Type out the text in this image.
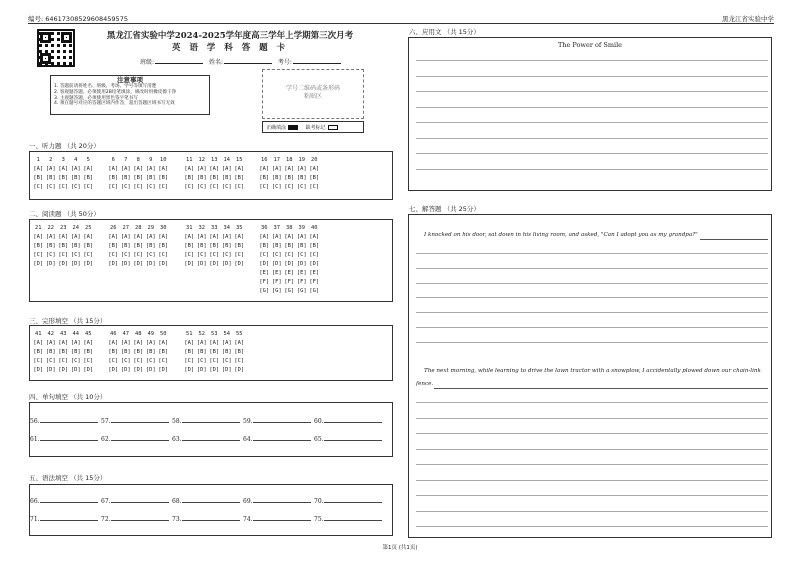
编号: 6461730852960845957​5	黑龙江省实验中学
黑龙江省实验中学2024-2025学年度高三学年上学期第三次月考
英 语 学 科 答 题 卡
班级:	姓名:	考号:
注意事项
1. 答题前请将姓名、班级、考场、学号等填写清楚
2. 客观题答题，必须使用2B铅笔填涂，修改时用橡皮擦干净
3. 主观题答题，必须使用黑色签字笔书写
4. 须在题号对应的答题区域内作答，超出答题区域书写无效
学号二维码或条形码
粘贴区
正确填涂	缺考标记
一、听力题 （共 20分）
1 2 3 4 5
[A] [A] [A] [A] [A]
[B] [B] [B] [B] [B]
[C] [C] [C] [C] [C]
6 7 8 9 10
[A] [A] [A] [A] [A]
[B] [B] [B] [B] [B]
[C] [C] [C] [C] [C]
11 12 13 14 15
[A] [A] [A] [A] [A]
[B] [B] [B] [B] [B]
[C] [C] [C] [C] [C]
16 17 18 19 20
[A] [A] [A] [A] [A]
[B] [B] [B] [B] [B]
[C] [C] [C] [C] [C]
二、阅读题 （共 50分）
21 22 23 24 25
[A] [A] [A] [A] [A]
[B] [B] [B] [B] [B]
[C] [C] [C] [C] [C]
[D] [D] [D] [D] [D]
26 27 28 29 30
[A] [A] [A] [A] [A]
[B] [B] [B] [B] [B]
[C] [C] [C] [C] [C]
[D] [D] [D] [D] [D]
31 32 33 34 35
[A] [A] [A] [A] [A]
[B] [B] [B] [B] [B]
[C] [C] [C] [C] [C]
[D] [D] [D] [D] [D]
36 37 38 39 40
[A] [A] [A] [A] [A]
[B] [B] [B] [B] [B]
[C] [C] [C] [C] [C]
[D] [D] [D] [D] [D]
[E] [E] [E] [E] [E]
[F] [F] [F] [F] [F]
[G] [G] [G] [G] [G]
三、完形填空 （共 15分）
41 42 43 44 45
[A] [A] [A] [A] [A]
[B] [B] [B] [B] [B]
[C] [C] [C] [C] [C]
[D] [D] [D] [D] [D]
46 47 48 49 50
[A] [A] [A] [A] [A]
[B] [B] [B] [B] [B]
[C] [C] [C] [C] [C]
[D] [D] [D] [D] [D]
51 52 53 54 55
[A] [A] [A] [A] [A]
[B] [B] [B] [B] [B]
[C] [C] [C] [C] [C]
[D] [D] [D] [D] [D]
四、单句填空 （共 10分）
56.	57.	58.	59.	60.
61.	62.	63.	64.	65.
五、语法填空 （共 15分）
66.	67.	68.	69.	70.
71.	72.	73.	74.	75.
六、应用文 （共 15分）
The Power of Smile
七、解答题 （共 25分）
I knocked on his door, sat down in his living room, and asked, "Can I adopt you as my grandpa?"
The next morning, while learning to drive the lawn tractor with a snowplow, I accidentally plowed down our chain-link
fence.
第1页 (共1页)
